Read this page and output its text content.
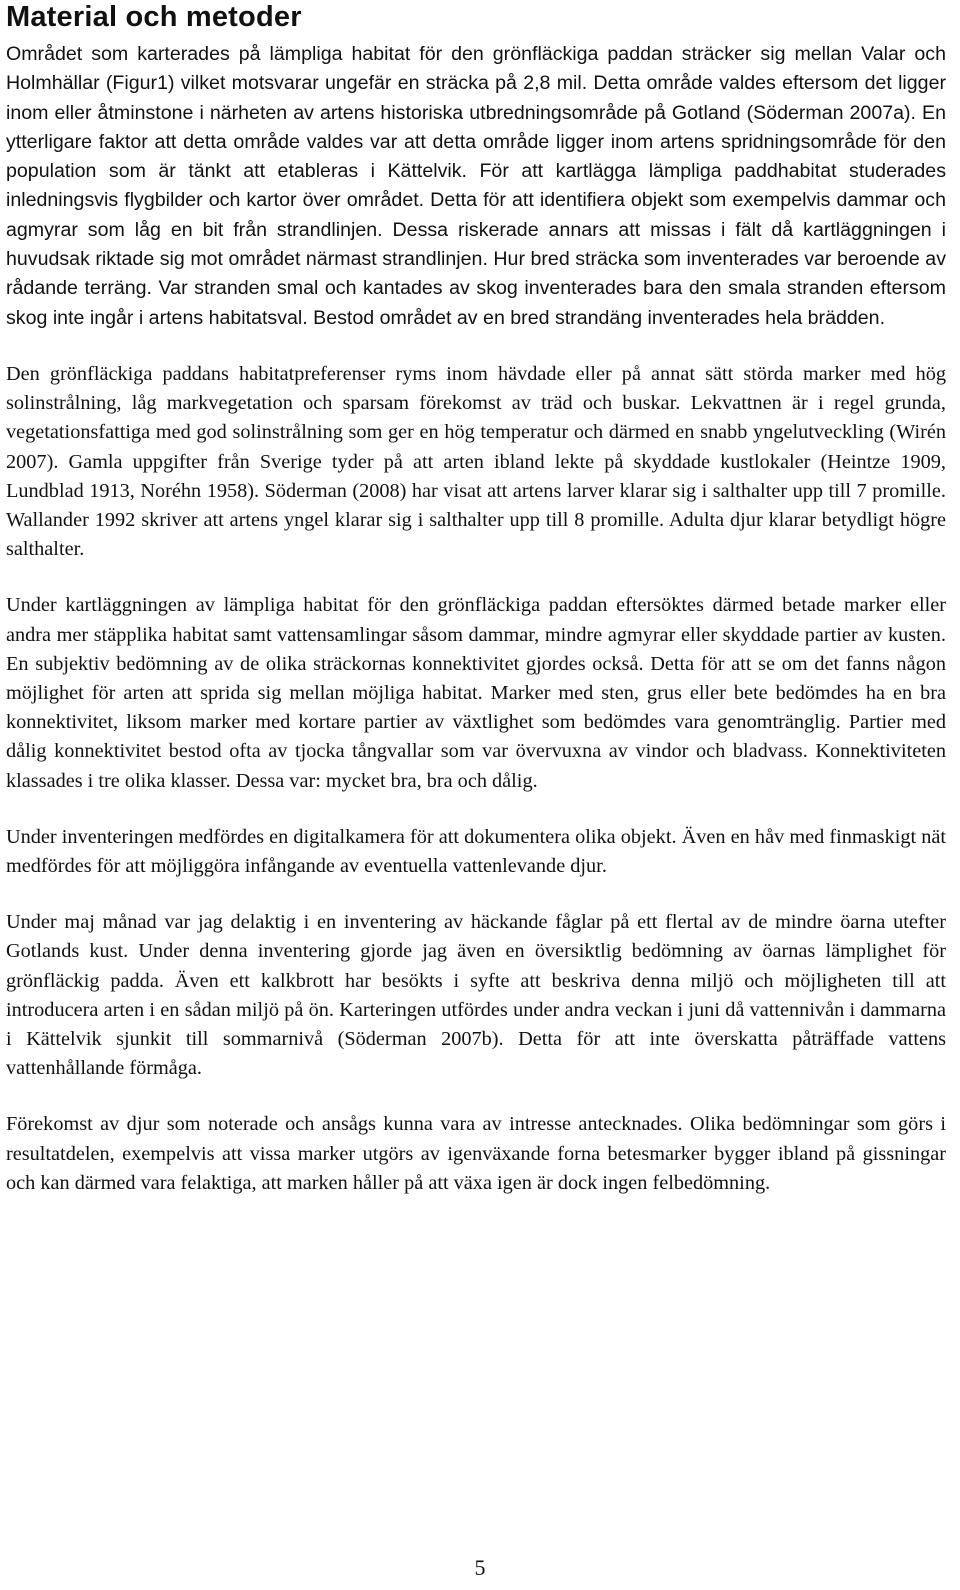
Material och metoder

Området som karterades på lämpliga habitat för den grönfläckiga paddan sträcker sig mellan Valar och Holmhällar (Figur1) vilket motsvarar ungefär en sträcka på 2,8 mil. Detta område valdes eftersom det ligger inom eller åtminstone i närheten av artens historiska utbredningsområde på Gotland (Söderman 2007a). En ytterligare faktor att detta område valdes var att detta område ligger inom artens spridningsområde för den population som är tänkt att etableras i Kättelvik. För att kartlägga lämpliga paddhabitat studerades inledningsvis flygbilder och kartor över området. Detta för att identifiera objekt som exempelvis dammar och agmyrar som låg en bit från strandlinjen. Dessa riskerade annars att missas i fält då kartläggningen i huvudsak riktade sig mot området närmast strandlinjen. Hur bred sträcka som inventerades var beroende av rådande terräng. Var stranden smal och kantades av skog inventerades bara den smala stranden eftersom skog inte ingår i artens habitatsval. Bestod området av en bred strandäng inventerades hela brädden.

Den grönfläckiga paddans habitatpreferenser ryms inom hävdade eller på annat sätt störda marker med hög solinstrålning, låg markvegetation och sparsam förekomst av träd och buskar. Lekvattnen är i regel grunda, vegetationsfattiga med god solinstrålning som ger en hög temperatur och därmed en snabb yngelutveckling (Wirén 2007). Gamla uppgifter från Sverige tyder på att arten ibland lekte på skyddade kustlokaler (Heintze 1909, Lundblad 1913, Noréhn 1958). Söderman (2008) har visat att artens larver klarar sig i salthalter upp till 7 promille. Wallander 1992 skriver att artens yngel klarar sig i salthalter upp till 8 promille. Adulta djur klarar betydligt högre salthalter.

Under kartläggningen av lämpliga habitat för den grönfläckiga paddan eftersöktes därmed betade marker eller andra mer stäpplika habitat samt vattensamlingar såsom dammar, mindre agmyrar eller skyddade partier av kusten. En subjektiv bedömning av de olika sträckornas konnektivitet gjordes också. Detta för att se om det fanns någon möjlighet för arten att sprida sig mellan möjliga habitat. Marker med sten, grus eller bete bedömdes ha en bra konnektivitet, liksom marker med kortare partier av växtlighet som bedömdes vara genomtränglig. Partier med dålig konnektivitet bestod ofta av tjocka tångvallar som var övervuxna av vindor och bladvass. Konnektiviteten klassades i tre olika klasser. Dessa var: mycket bra, bra och dålig.

Under inventeringen medfördes en digitalkamera för att dokumentera olika objekt. Även en håv med finmaskigt nät medfördes för att möjliggöra infångande av eventuella vattenlevande djur.

Under maj månad var jag delaktig i en inventering av häckande fåglar på ett flertal av de mindre öarna utefter Gotlands kust. Under denna inventering gjorde jag även en översiktlig bedömning av öarnas lämplighet för grönfläckig padda. Även ett kalkbrott har besökts i syfte att beskriva denna miljö och möjligheten till att introducera arten i en sådan miljö på ön. Karteringen utfördes under andra veckan i juni då vattennivån i dammarna i Kättelvik sjunkit till sommarnivå (Söderman 2007b). Detta för att inte överskatta påträffade vattens vattenhållande förmåga.

Förekomst av djur som noterade och ansågs kunna vara av intresse antecknades. Olika bedömningar som görs i resultatdelen, exempelvis att vissa marker utgörs av igenväxande forna betesmarker bygger ibland på gissningar och kan därmed vara felaktiga, att marken håller på att växa igen är dock ingen felbedömning.

5
